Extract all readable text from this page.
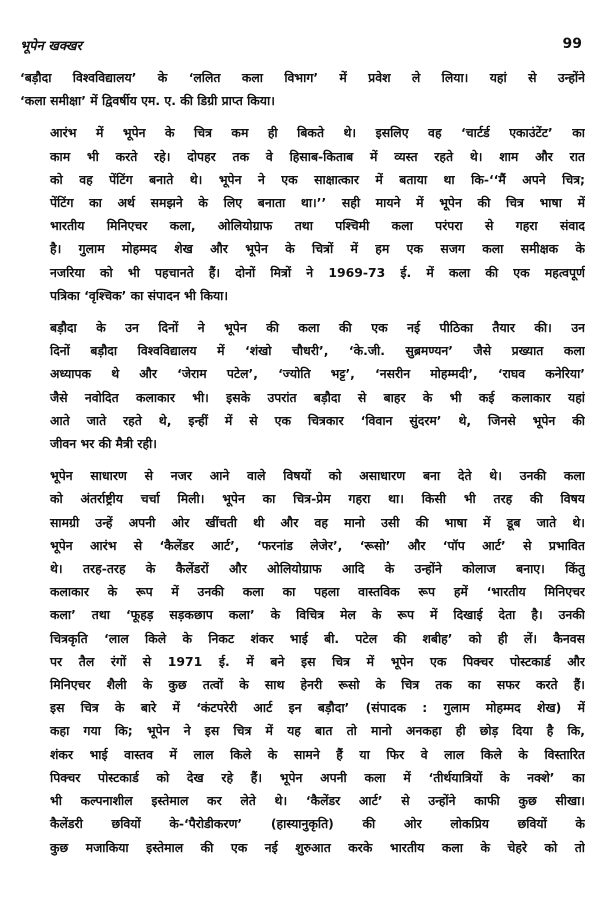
भूपेन खक्खर	99

‘बड़ौदा विश्वविद्यालय’ के ‘ललित कला विभाग’ में प्रवेश ले लिया। यहां से उन्होंने
‘कला समीक्षा’ में द्विवर्षीय एम. ए. की डिग्री प्राप्त किया।

आरंभ में भूपेन के चित्र कम ही बिकते थे। इसलिए वह ‘चार्टर्ड एकाउंटेंट’ का
काम भी करते रहे। दोपहर तक वे हिसाब-किताब में व्यस्त रहते थे। शाम और रात
को वह पेंटिंग बनाते थे। भूपेन ने एक साक्षात्कार में बताया था कि-‘‘मैं अपने चित्र;
पेंटिंग का अर्थ समझने के लिए बनाता था।’’ सही मायने में भूपेन की चित्र भाषा में
भारतीय मिनिएचर कला, ओलियोग्राफ तथा पश्चिमी कला परंपरा से गहरा संवाद
है। गुलाम मोहम्मद शेख और भूपेन के चित्रों में हम एक सजग कला समीक्षक के
नजरिया को भी पहचानते हैं। दोनों मित्रों ने 1969-73 ई. में कला की एक महत्वपूर्ण
पत्रिका ‘वृश्चिक’ का संपादन भी किया।

बड़ौदा के उन दिनों ने भूपेन की कला की एक नई पीठिका तैयार की। उन
दिनों बड़ौदा विश्वविद्यालय में ‘शंखो चौधरी’, ‘के.जी. सुब्रमण्यन’ जैसे प्रख्यात कला
अध्यापक थे और ‘जेराम पटेल’, ‘ज्योति भट्ट’, ‘नसरीन मोहम्मदी’, ‘राघव कनेरिया’
जैसे नवोदित कलाकार भी। इसके उपरांत बड़ौदा से बाहर के भी कई कलाकार यहां
आते जाते रहते थे, इन्हीं में से एक चित्रकार ‘विवान सुंदरम’ थे, जिनसे भूपेन की
जीवन भर की मैत्री रही।

भूपेन साधारण से नजर आने वाले विषयों को असाधारण बना देते थे। उनकी कला
को अंतर्राष्ट्रीय चर्चा मिली। भूपेन का चित्र-प्रेम गहरा था। किसी भी तरह की विषय
सामग्री उन्हें अपनी ओर खींचती थी और वह मानो उसी की भाषा में डूब जाते थे।
भूपेन आरंभ से ‘कैलेंडर आर्ट’, ‘फरनांड लेजेर’, ‘रूसो’ और ‘पॉप आर्ट’ से प्रभावित
थे। तरह-तरह के कैलेंडरों और ओलियोग्राफ आदि के उन्होंने कोलाज बनाए। किंतु
कलाकार के रूप में उनकी कला का पहला वास्तविक रूप हमें ‘भारतीय मिनिएचर
कला’ तथा ‘फूहड़ सड़कछाप कला’ के विचित्र मेल के रूप में दिखाई देता है। उनकी
चित्रकृति ‘लाल किले के निकट शंकर भाई बी. पटेल की शबीह’ को ही लें। कैनवस
पर तैल रंगों से 1971 ई. में बने इस चित्र में भूपेन एक पिक्चर पोस्टकार्ड और
मिनिएचर शैली के कुछ तत्वों के साथ हेनरी रूसो के चित्र तक का सफर करते हैं।
इस चित्र के बारे में ‘कंटपरेरी आर्ट इन बड़ौदा’ (संपादक : गुलाम मोहम्मद शेख) में
कहा गया कि; भूपेन ने इस चित्र में यह बात तो मानो अनकहा ही छोड़ दिया है कि,
शंकर भाई वास्तव में लाल किले के सामने हैं या फिर वे लाल किले के विस्तारित
पिक्चर पोस्टकार्ड को देख रहे हैं। भूपेन अपनी कला में ‘तीर्थयात्रियों के नक्शे’ का
भी कल्पनाशील इस्तेमाल कर लेते थे। ‘कैलेंडर आर्ट’ से उन्होंने काफी कुछ सीखा।
कैलेंडरी छवियों के-‘पैरोडीकरण’ (हास्यानुकृति) की ओर लोकप्रिय छवियों के
कुछ मजाकिया इस्तेमाल की एक नई शुरुआत करके भारतीय कला के चेहरे को तो
